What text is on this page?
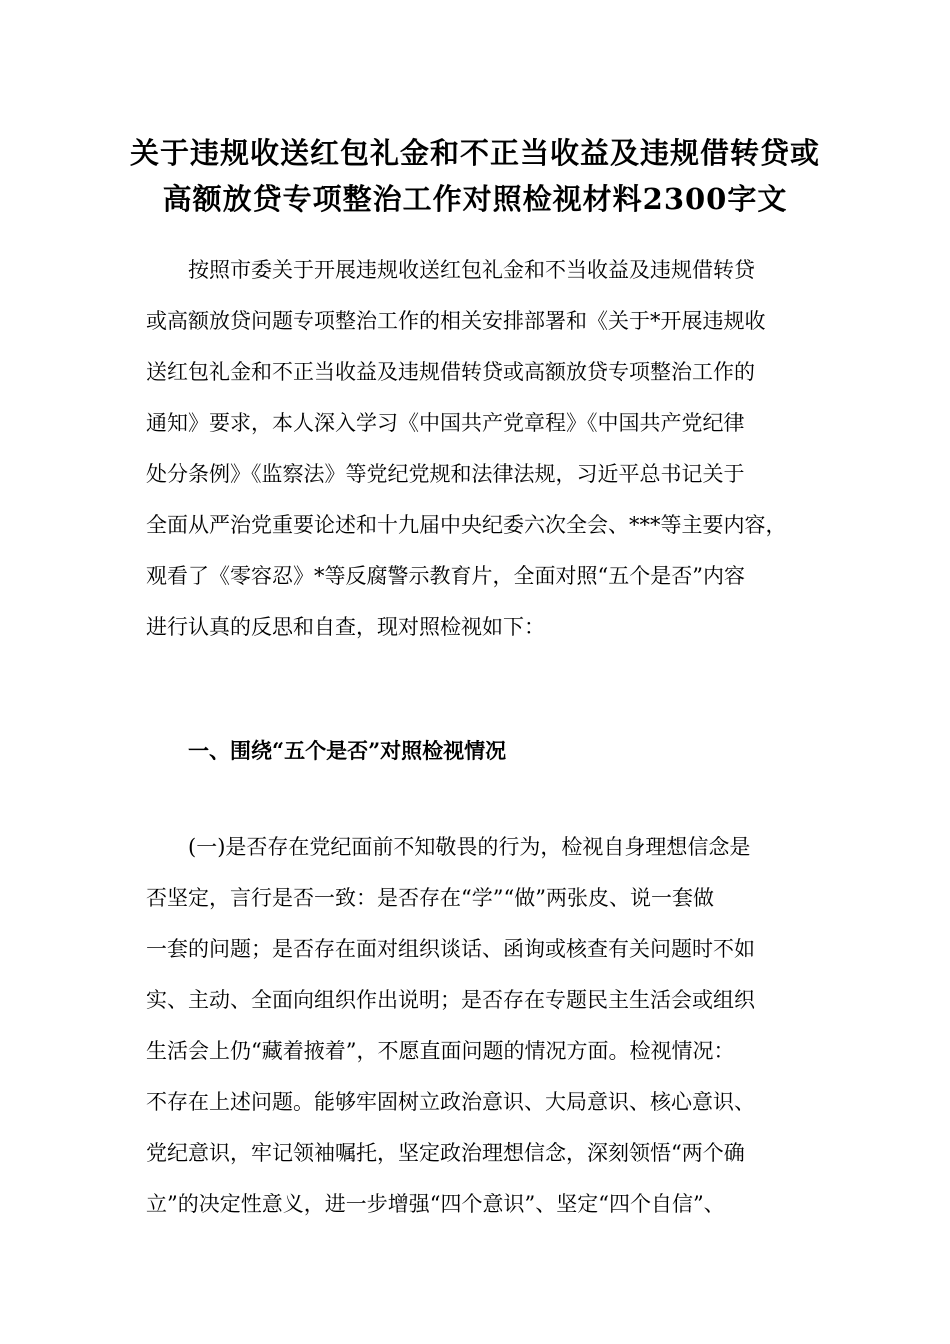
关于违规收送红包礼金和不正当收益及违规借转贷或
高额放贷专项整治工作对照检视材料2300字文
按照市委关于开展违规收送红包礼金和不当收益及违规借转贷
或高额放贷问题专项整治工作的相关安排部署和《关于*开展违规收
送红包礼金和不正当收益及违规借转贷或高额放贷专项整治工作的
通知》要求，本人深入学习《中国共产党章程》《中国共产党纪律
处分条例》《监察法》等党纪党规和法律法规，习近平总书记关于
全面从严治党重要论述和十九届中央纪委六次全会、***等主要内容，
观看了《零容忍》*等反腐警示教育片，全面对照“五个是否”内容
进行认真的反思和自查，现对照检视如下：
一、围绕“五个是否”对照检视情况
(一)是否存在党纪面前不知敬畏的行为，检视自身理想信念是
否坚定，言行是否一致：是否存在“学”“做”两张皮、说一套做
一套的问题；是否存在面对组织谈话、函询或核查有关问题时不如
实、主动、全面向组织作出说明；是否存在专题民主生活会或组织
生活会上仍“藏着掖着”，不愿直面问题的情况方面。检视情况：
不存在上述问题。能够牢固树立政治意识、大局意识、核心意识、
党纪意识，牢记领袖嘱托，坚定政治理想信念，深刻领悟“两个确
立”的决定性意义，进一步增强“四个意识”、坚定“四个自信”、
